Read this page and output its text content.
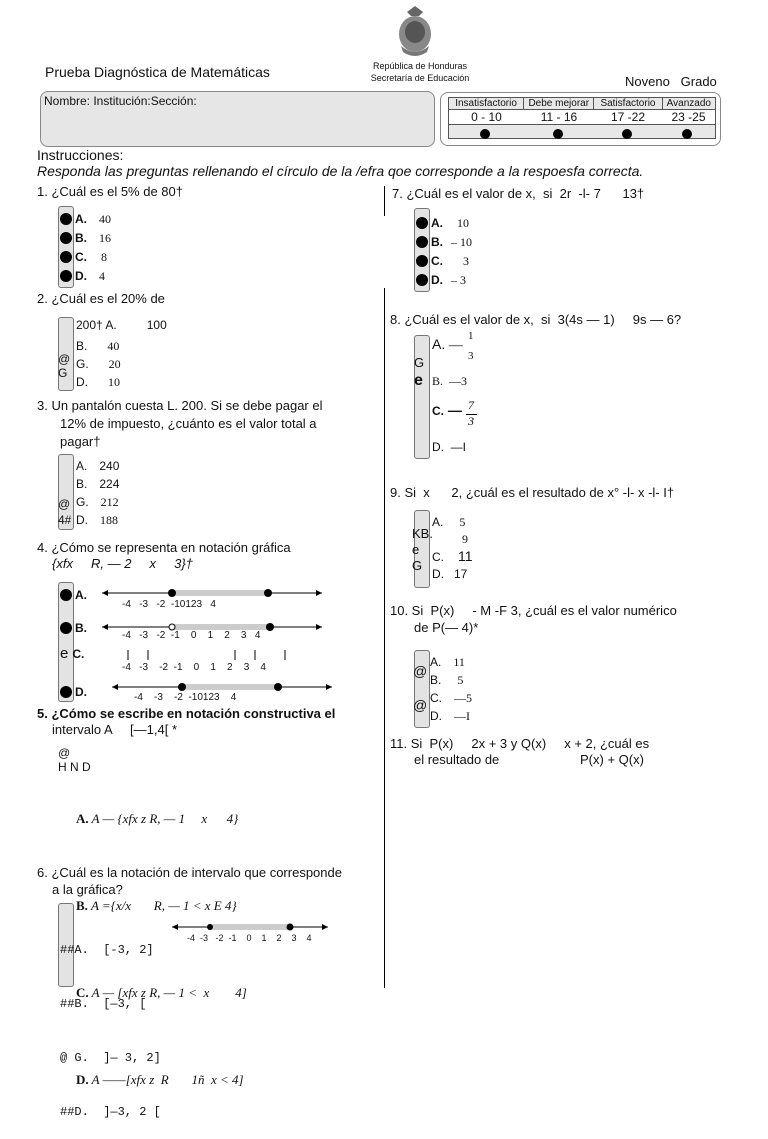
Prueba Diagnóstica de Matemáticas	República de Honduras
Secretaría de Educación	Noveno   Grado
Nombre: Institución:Sección:	Insatisfactorio	Debe mejorar	Satisfactorio	Avanzado
0 - 10	11 - 16	17 -22	23 -25
Instrucciones:
Responda las preguntas rellenando el círculo de la /efra qoe corresponde a la respoesfa correcta.
1. ¿Cuál es el 5% de 80†
A. 40
B. 16
C. 8
D. 4
2. ¿Cuál es el 20% de
@
G
200† A.	100
B. 40
G. 20
D. 10
3. Un pantalón cuesta L. 200. Si se debe pagar el
12% de impuesto, ¿cuánto es el valor total a
pagar†
@
4#
A. 240
B. 224
G. 212
D. 188
4. ¿Cómo se representa en notación gráfica
{xfx     R, — 2     x     3}†
A.
B.
e C.
D.
-4   -3   -2  -10123   4
-4   -3   -2  -1    0    1    2    3   4
-4   -3    -2  -1    0    1    2    3    4
-4    -3    -2  -10123    4
5. ¿Cómo se escribe en notación constructiva el
intervalo A     [—1,4[ *
@
H N D

A. A — {xfx z R, — 1     x      4}

B. A ={x/x       R, — 1 < x E 4}

C. A — [xfx z R, — 1 <  x        4]

D. A ——[xfx z  R       1ñ  x < 4]

6. ¿Cuál es la notación de intervalo que corresponde
a la gráfica?

##A.  [-3, 2]

##B.  [—3, [

@ G.  ]— 3, 2]

##D.  ]—3, 2 [

-4  -3   -2  -1    0    1    2    3    4
7. ¿Cuál es el valor de x,  si  2r  -l- 7      13†
A. 10
B. – 10
C. 3
D. – 3
8. ¿Cuál es el valor de x,  si  3(4s — 1)     9s — 6?
G
e
A. —
1
3
B.  —3
C. — 7
3
D.  —I
9. Si  x      2, ¿cuál es el resultado de x° -l- x -l- I†
KB.
e
G
A. 5
9
C. 11
D. 17
10. Si  P(x)     - M -F 3, ¿cuál es el valor numérico
de P(— 4)*
@
@
A. 11
B. 5
C. —5
D. —I
11. Si  P(x)     2x + 3 y Q(x)     x + 2, ¿cuál es
el resultado de	P(x) + Q(x)
